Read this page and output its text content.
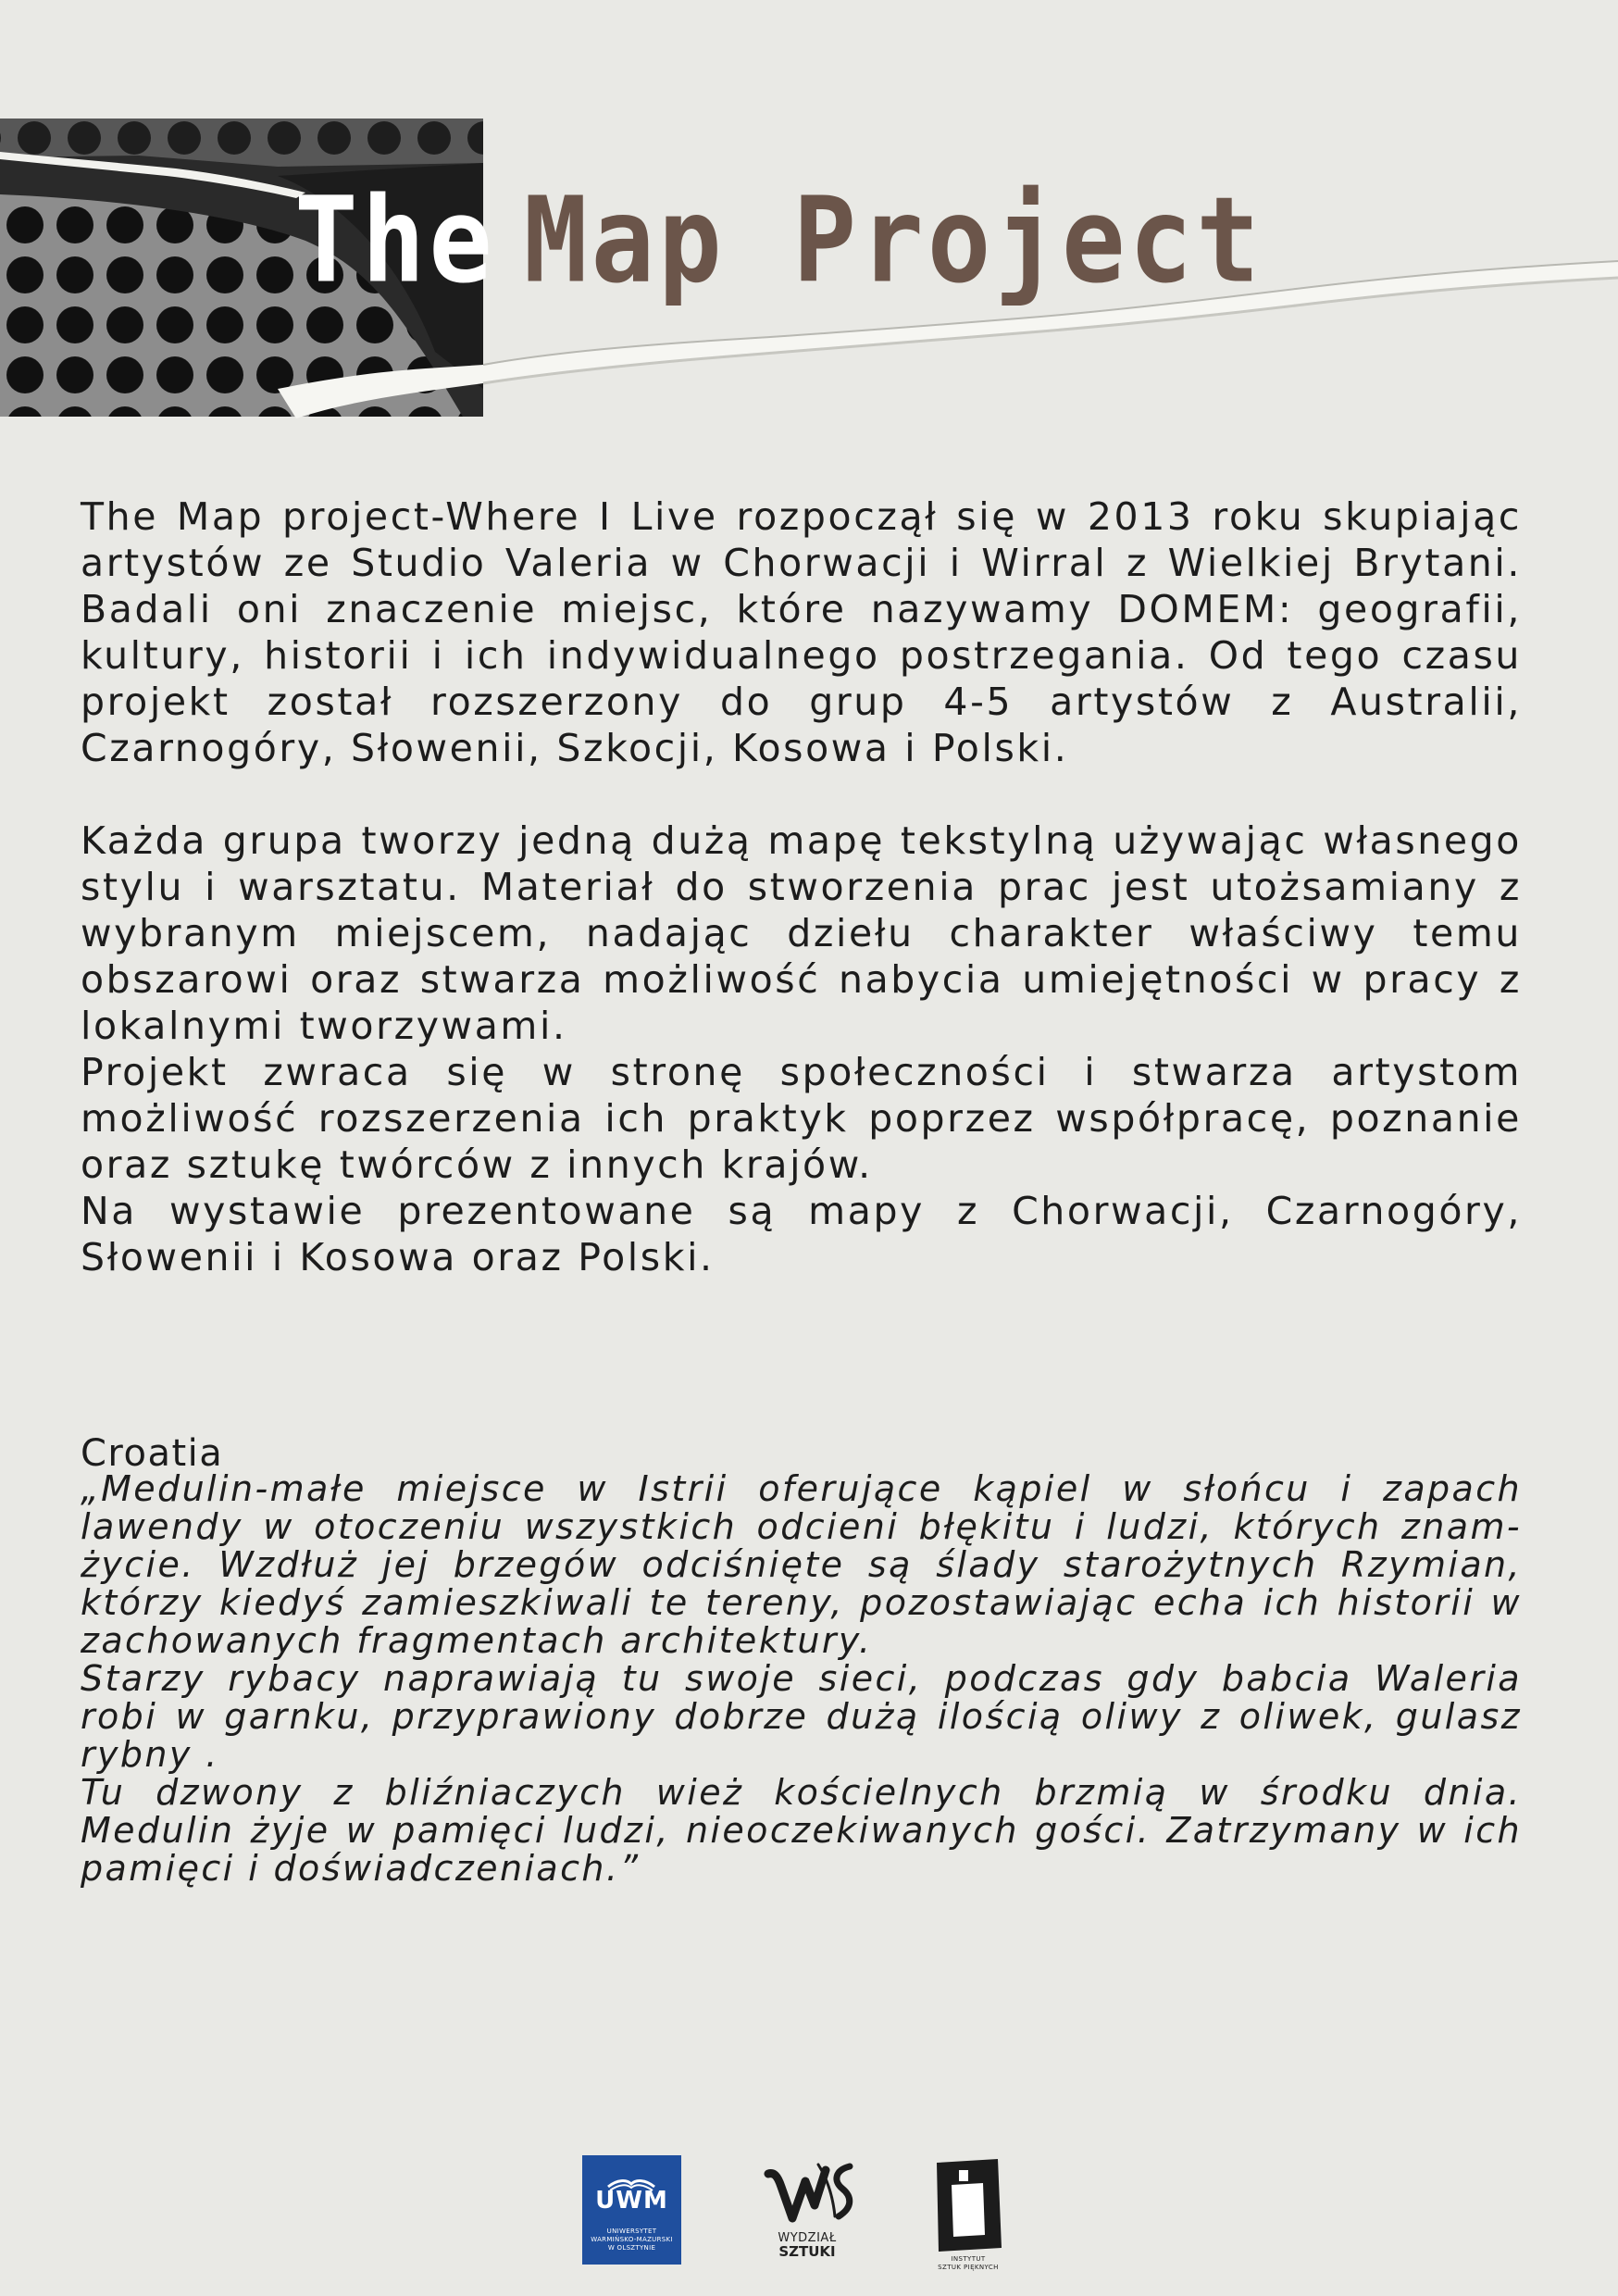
The Map Project

The Map project-Where I Live rozpoczął się w 2013 roku skupiając artystów ze Studio Valeria w Chorwacji i Wirral z Wielkiej Brytani. Badali oni znaczenie miejsc, które nazywamy DOMEM: geografii, kultury, historii i ich indywidualnego postrzegania. Od tego czasu projekt został rozszerzony do grup 4-5 artystów z Australii, Czarnogóry, Słowenii, Szkocji, Kosowa i Polski.

Każda grupa tworzy jedną dużą mapę tekstylną używając własnego stylu i warsztatu. Materiał do stworzenia prac jest utożsamiany z wybranym miejscem, nadając dziełu charakter właściwy temu obszarowi oraz stwarza możliwość nabycia umiejętności w pracy z lokalnymi tworzywami.

Projekt zwraca się w stronę społeczności i stwarza artystom możliwość rozszerzenia ich praktyk poprzez współpracę, poznanie oraz sztukę twórców z innych krajów.

Na wystawie prezentowane są mapy z Chorwacji, Czarnogóry, Słowenii i Kosowa oraz Polski.

Croatia

„Medulin-małe miejsce w Istrii oferujące kąpiel w słońcu i zapach lawendy w otoczeniu wszystkich odcieni błękitu i ludzi, których znam-życie. Wzdłuż jej brzegów odciśnięte są ślady starożytnych Rzymian, którzy kiedyś zamieszkiwali te tereny, pozostawiając echa ich historii w zachowanych fragmentach architektury.

Starzy rybacy naprawiają tu swoje sieci, podczas gdy babcia Waleria robi w garnku, przyprawiony dobrze dużą ilością oliwy z oliwek, gulasz rybny .

Tu dzwony z bliźniaczych wież kościelnych brzmią w środku dnia. Medulin żyje w pamięci ludzi, nieoczekiwanych gości. Zatrzymany w ich pamięci i doświadczeniach.”

UWM
UNIWERSYTET
WARMIŃSKO-MAZURSKI
W OLSZTYNIE
WYDZIAŁ
SZTUKI	INSTYTUT
SZTUK PIĘKNYCH
